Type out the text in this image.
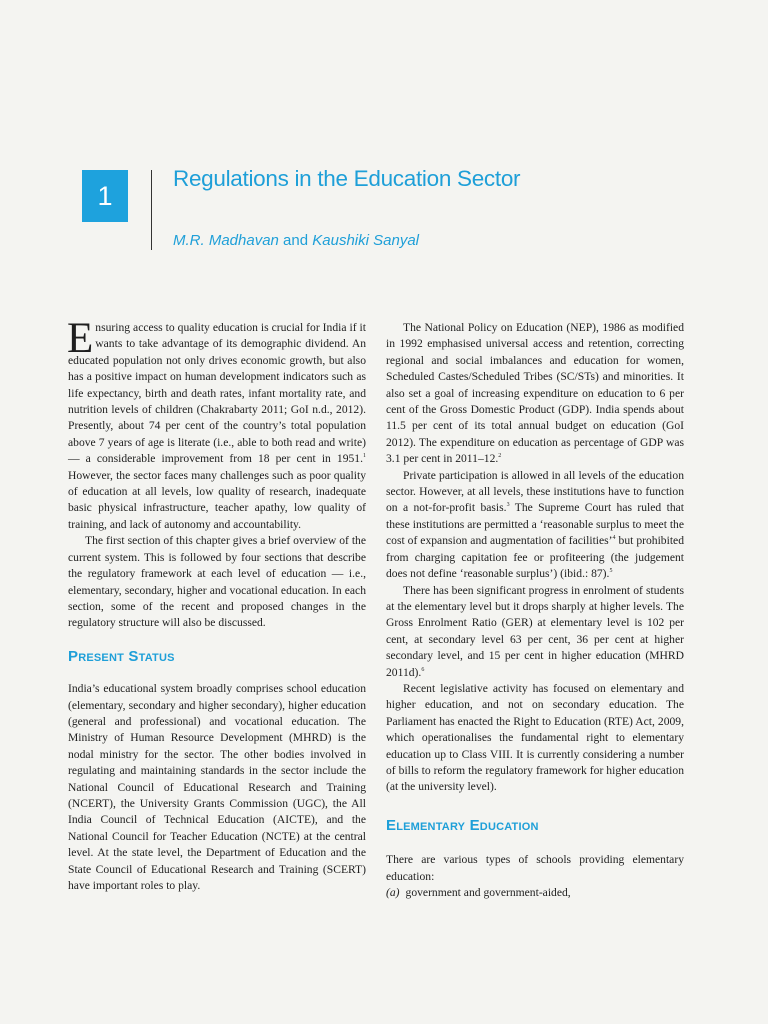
1
Regulations in the Education Sector
M.R. Madhavan and Kaushiki Sanyal

Ensuring access to quality education is crucial for India if it wants to take advantage of its demographic dividend. An educated population not only drives economic growth, but also has a positive impact on human development indicators such as life expectancy, birth and death rates, infant mortality rate, and nutrition levels of children (Chakrabarty 2011; GoI n.d., 2012). Presently, about 74 per cent of the country’s total population above 7 years of age is literate (i.e., able to both read and write) — a considerable improvement from 18 per cent in 1951.$^1$ However, the sector faces many challenges such as poor quality of education at all levels, low quality of research, inadequate basic physical infrastructure, teacher apathy, low quality of training, and lack of autonomy and accountability.

The first section of this chapter gives a brief overview of the current system. This is followed by four sections that describe the regulatory framework at each level of education — i.e., elementary, secondary, higher and vocational education. In each section, some of the recent and proposed changes in the regulatory structure will also be discussed.

Present Status

India’s educational system broadly comprises school education (elementary, secondary and higher secondary), higher education (general and professional) and vocational education. The Ministry of Human Resource Development (MHRD) is the nodal ministry for the sector. The other bodies involved in regulating and maintaining standards in the sector include the National Council of Educational Research and Training (NCERT), the University Grants Commission (UGC), the All India Council of Technical Education (AICTE), and the National Council for Teacher Education (NCTE) at the central level. At the state level, the Department of Education and the State Council of Educational Research and Training (SCERT) have important roles to play.

The National Policy on Education (NEP), 1986 as modified in 1992 emphasised universal access and retention, correcting regional and social imbalances and education for women, Scheduled Castes/Scheduled Tribes (SC/STs) and minorities. It also set a goal of increasing expenditure on education to 6 per cent of the Gross Domestic Product (GDP). India spends about 11.5 per cent of its total annual budget on education (GoI 2012). The expenditure on education as percentage of GDP was 3.1 per cent in 2011–12.$^2$

Private participation is allowed in all levels of the education sector. However, at all levels, these institutions have to function on a not-for-profit basis.$^3$ The Supreme Court has ruled that these institutions are permitted a ‘reasonable surplus to meet the cost of expansion and augmentation of facilities’$^4$ but prohibited from charging capitation fee or profiteering (the judgement does not define ‘reasonable surplus’) (ibid.: 87).$^5$

There has been significant progress in enrolment of students at the elementary level but it drops sharply at higher levels. The Gross Enrolment Ratio (GER) at elementary level is 102 per cent, at secondary level 63 per cent, 36 per cent at higher secondary level, and 15 per cent in higher education (MHRD 2011d).$^6$

Recent legislative activity has focused on elementary and higher education, and not on secondary education. The Parliament has enacted the Right to Education (RTE) Act, 2009, which operationalises the fundamental right to elementary education up to Class VIII. It is currently considering a number of bills to reform the regulatory framework for higher education (at the university level).

Elementary Education

There are various types of schools providing elementary education:

(a) government and government-aided,
